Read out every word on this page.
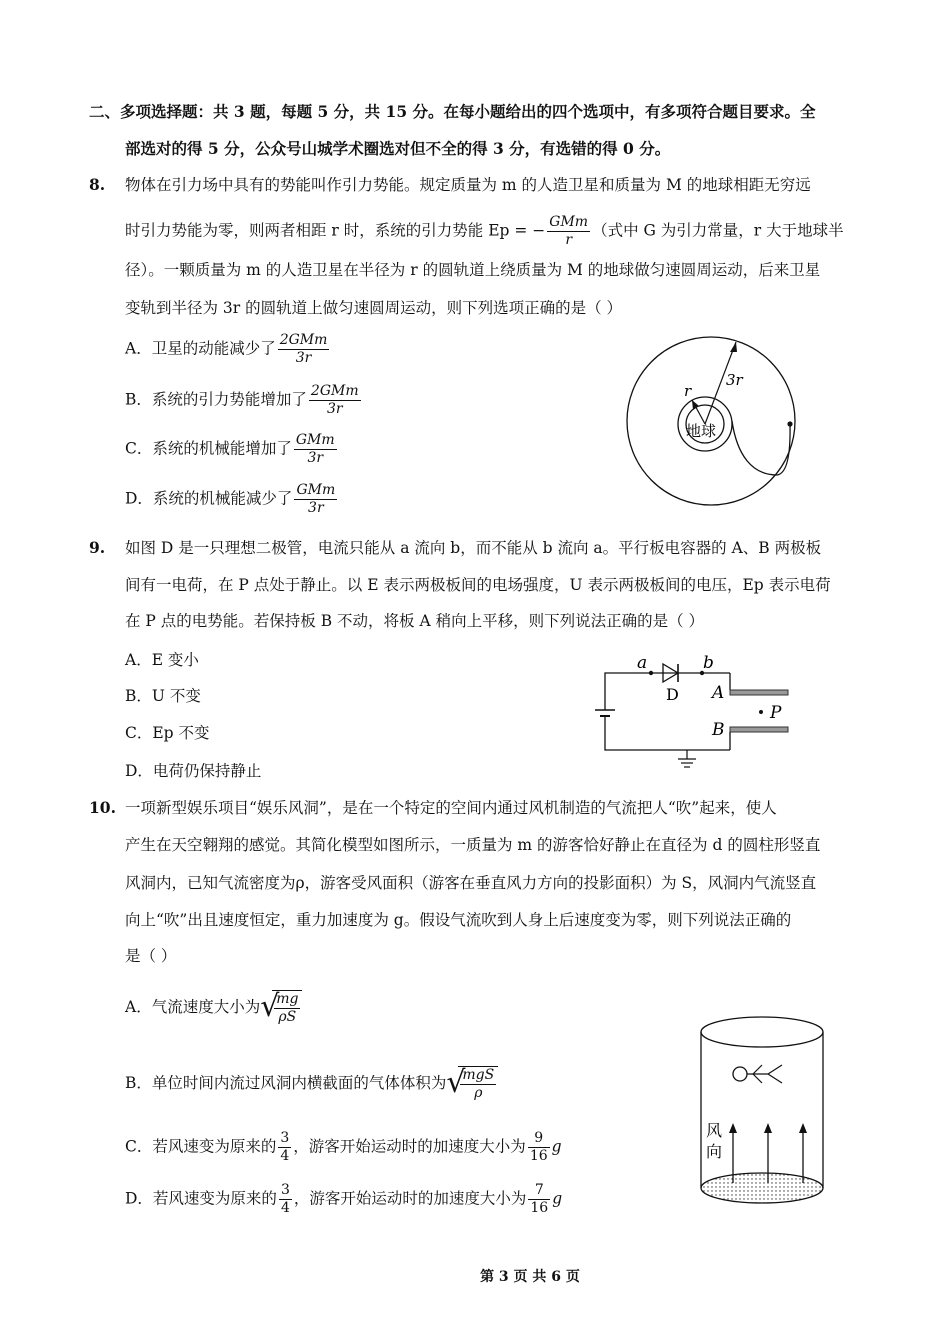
二、多项选择题：共 3 题，每题 5 分，共 15 分。在每小题给出的四个选项中，有多项符合题目要求。全
部选对的得 5 分，公众号山城学术圈选对但不全的得 3 分，有选错的得 0 分。
8. 物体在引力场中具有的势能叫作引力势能。规定质量为 m 的人造卫星和质量为 M 的地球相距无穷远
时引力势能为零，则两者相距 r 时，系统的引力势能 Ep = − $\frac{\text{GMm}}{r}$ （式中 G 为引力常量，r 大于地球半
径）。一颗质量为 m 的人造卫星在半径为 r 的圆轨道上绕质量为 M 的地球做匀速圆周运动，后来卫星
变轨到半径为 3r 的圆轨道上做匀速圆周运动，则下列选项正确的是（ ）
A．卫星的动能减少了 $\frac{\text{2GMm}}{3r}$
B．系统的引力势能增加了 $\frac{\text{2GMm}}{3r}$
C．系统的机械能增加了 $\frac{\text{GMm}}{3r}$
D．系统的机械能减少了 $\frac{\text{GMm}}{3r}$
r
3r
地球
9. 如图 D 是一只理想二极管，电流只能从 a 流向 b，而不能从 b 流向 a。平行板电容器的 A、B 两极板
间有一电荷，在 P 点处于静止。以 E 表示两极板间的电场强度，U 表示两极板间的电压，Ep 表示电荷
在 P 点的电势能。若保持板 B 不动，将板 A 稍向上平移，则下列说法正确的是（ ）
A．E 变小
B．U 不变
C．Ep 不变
D．电荷仍保持静止
a	b
D A
B
P
10. 一项新型娱乐项目“娱乐风洞”，是在一个特定的空间内通过风机制造的气流把人“吹”起来，使人
产生在天空翱翔的感觉。其简化模型如图所示，一质量为 m 的游客恰好静止在直径为 d 的圆柱形竖直
风洞内，已知气流密度为ρ，游客受风面积（游客在垂直风力方向的投影面积）为 S，风洞内气流竖直
向上“吹”出且速度恒定，重力加速度为 g。假设气流吹到人身上后速度变为零，则下列说法正确的
是（ ）
A．气流速度大小为 √
$\frac{mg}{\rho S}$
B．单位时间内流过风洞内横截面的气体体积为 √
$\frac{\text{mgS}}{\rho}$
C．若风速变为原来的 $\frac{3}{4}$ ，游客开始运动时的加速度大小为 $\frac{9}{16}$ g
D．若风速变为原来的 $\frac{3}{4}$ ，游客开始运动时的加速度大小为 $\frac{7}{16}$ g
风
向
第 3 页 共 6 页
